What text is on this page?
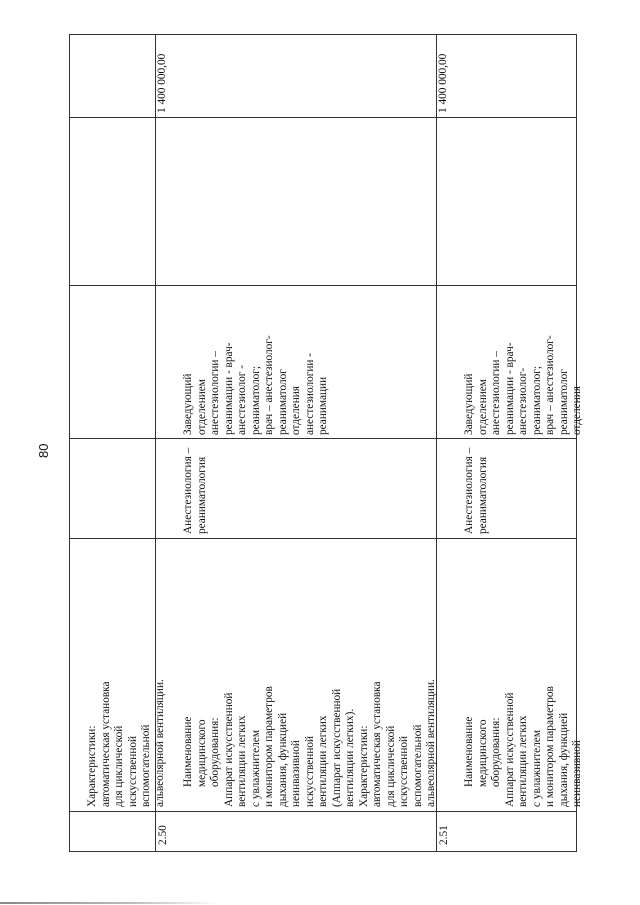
80

Характеристики: автоматическая установка для циклической искусственной вспомогательной альвеолярной вентиляции.

1 400 000,00
2.50

Наименование медицинского оборудования: Аппарат искусственной вентиляции легких с увлажнителем и монитором параметров дыхания, функцией неинвазивной искусственной вентиляции легких (Аппарат искусственной вентиляции легких). Характеристики: автоматическая установка для циклической искусственной вспомогательной альвеолярной вентиляции.

Анестезиология – реаниматология

Заведующий отделением анестезиологии – реанимации - врач- анестезиолог - реаниматолог; врач – анестезиолог- реаниматолог отделения анестезиологии - реанимации

1 400 000,00
2.51

Наименование медицинского оборудования: Аппарат искусственной вентиляции легких с увлажнителем и монитором параметров дыхания, функцией неинвазивной

Анестезиология – реаниматология

Заведующий отделением анестезиологии – реанимации - врач- анестезиолог- реаниматолог; врач – анестезиолог- реаниматолог отделения
